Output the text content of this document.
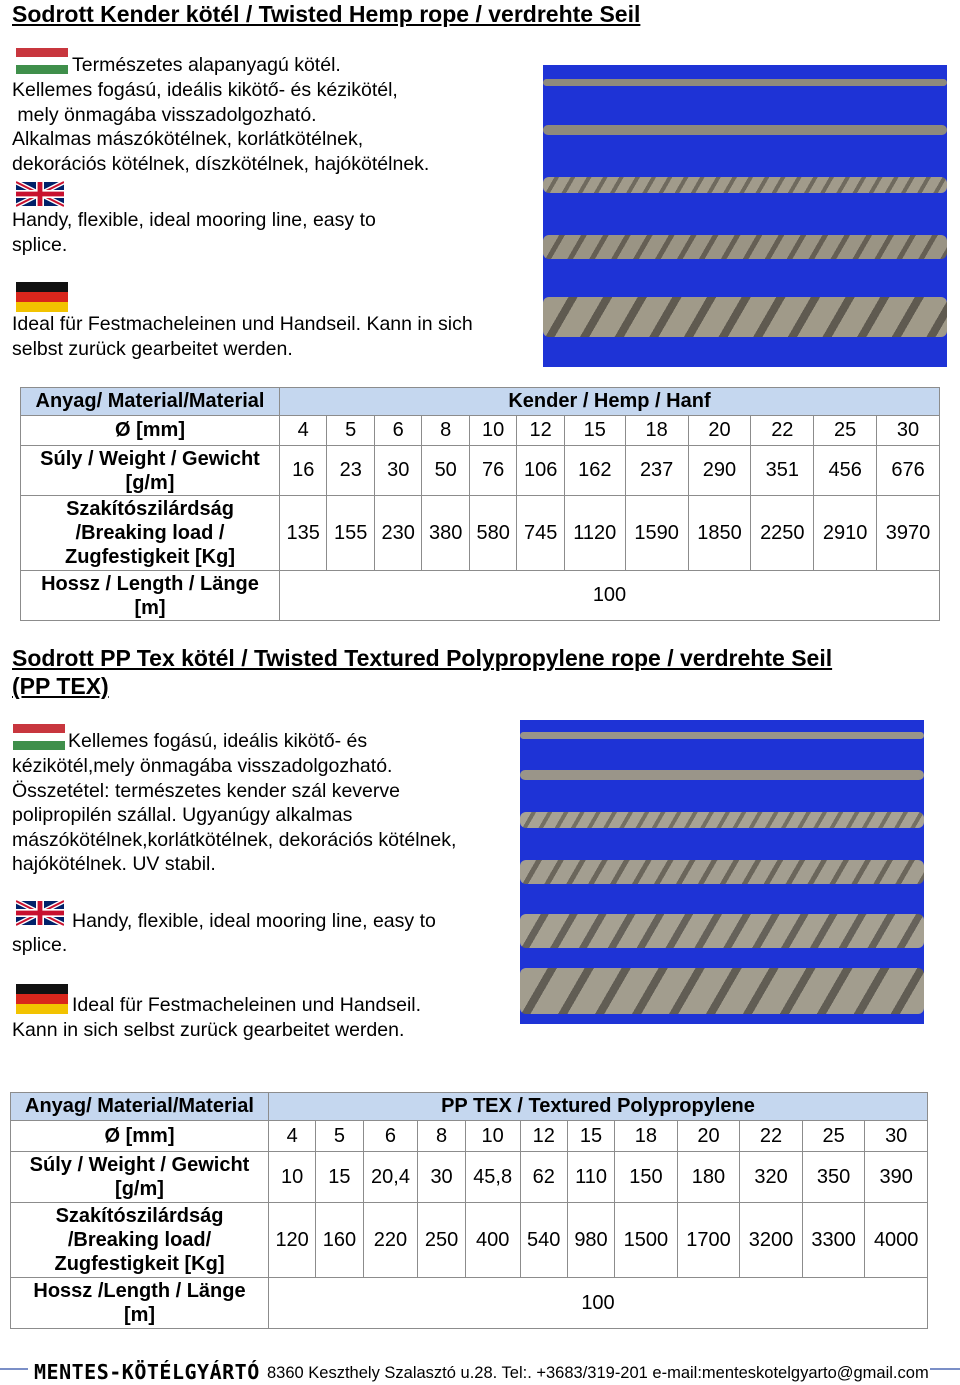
Sodrott Kender kötél / Twisted Hemp rope / verdrehte Seil
Természetes alapanyagú kötél.
Kellemes fogású, ideális kikötő- és kézikötél,
mely önmagába visszadolgozható.
Alkalmas mászókötélnek, korlátkötélnek,
dekorációs kötélnek, díszkötélnek, hajókötélnek.
Handy, flexible, ideal mooring line, easy to
splice.
Ideal für Festmacheleinen und Handseil. Kann in sich
selbst zurück gearbeitet werden.
Anyag/ Material/Material	Kender / Hemp / Hanf											
Ø [mm]	4	5	6	8	10	12	15	18	20	22	25	30

Súly / Weight / Gewicht
[g/m]	16	23	30	50	76	106	162	237	290	351	456	676

Szakítószilárdság
/Breaking load /
Zugfestigkeit [Kg]	135	155	230	380	580	745	1120	1590	1850	2250	2910	3970

Hossz / Length / Länge
[m]	100											
Sodrott PP Tex kötél / Twisted Textured Polypropylene rope / verdrehte Seil
(PP TEX)
Kellemes fogású, ideális kikötő- és
kézikötél,mely önmagába visszadolgozható.
Összetétel: természetes kender szál keverve
polipropilén szállal. Ugyanúgy alkalmas
mászókötélnek,korlátkötélnek, dekorációs kötélnek,
hajókötélnek. UV stabil.
Handy, flexible, ideal mooring line, easy to
splice.
Ideal für Festmacheleinen und Handseil.
Kann in sich selbst zurück gearbeitet werden.
Anyag/ Material/Material	PP TEX / Textured Polypropylene											
Ø [mm]	4	5	6	8	10	12	15	18	20	22	25	30

Súly / Weight / Gewicht
[g/m]	10	15	20,4	30	45,8	62	110	150	180	320	350	390

Szakítószilárdság
/Breaking load/
Zugfestigkeit [Kg]	120	160	220	250	400	540	980	1500	1700	3200	3300	4000

Hossz /Length / Länge
[m]	100											
MENTES-KÖTÉLGYÁRTÓ 8360 Keszthely Szalasztó u.28. Tel:. +3683/319-201 e-mail:menteskotelgyarto@gmail.com
